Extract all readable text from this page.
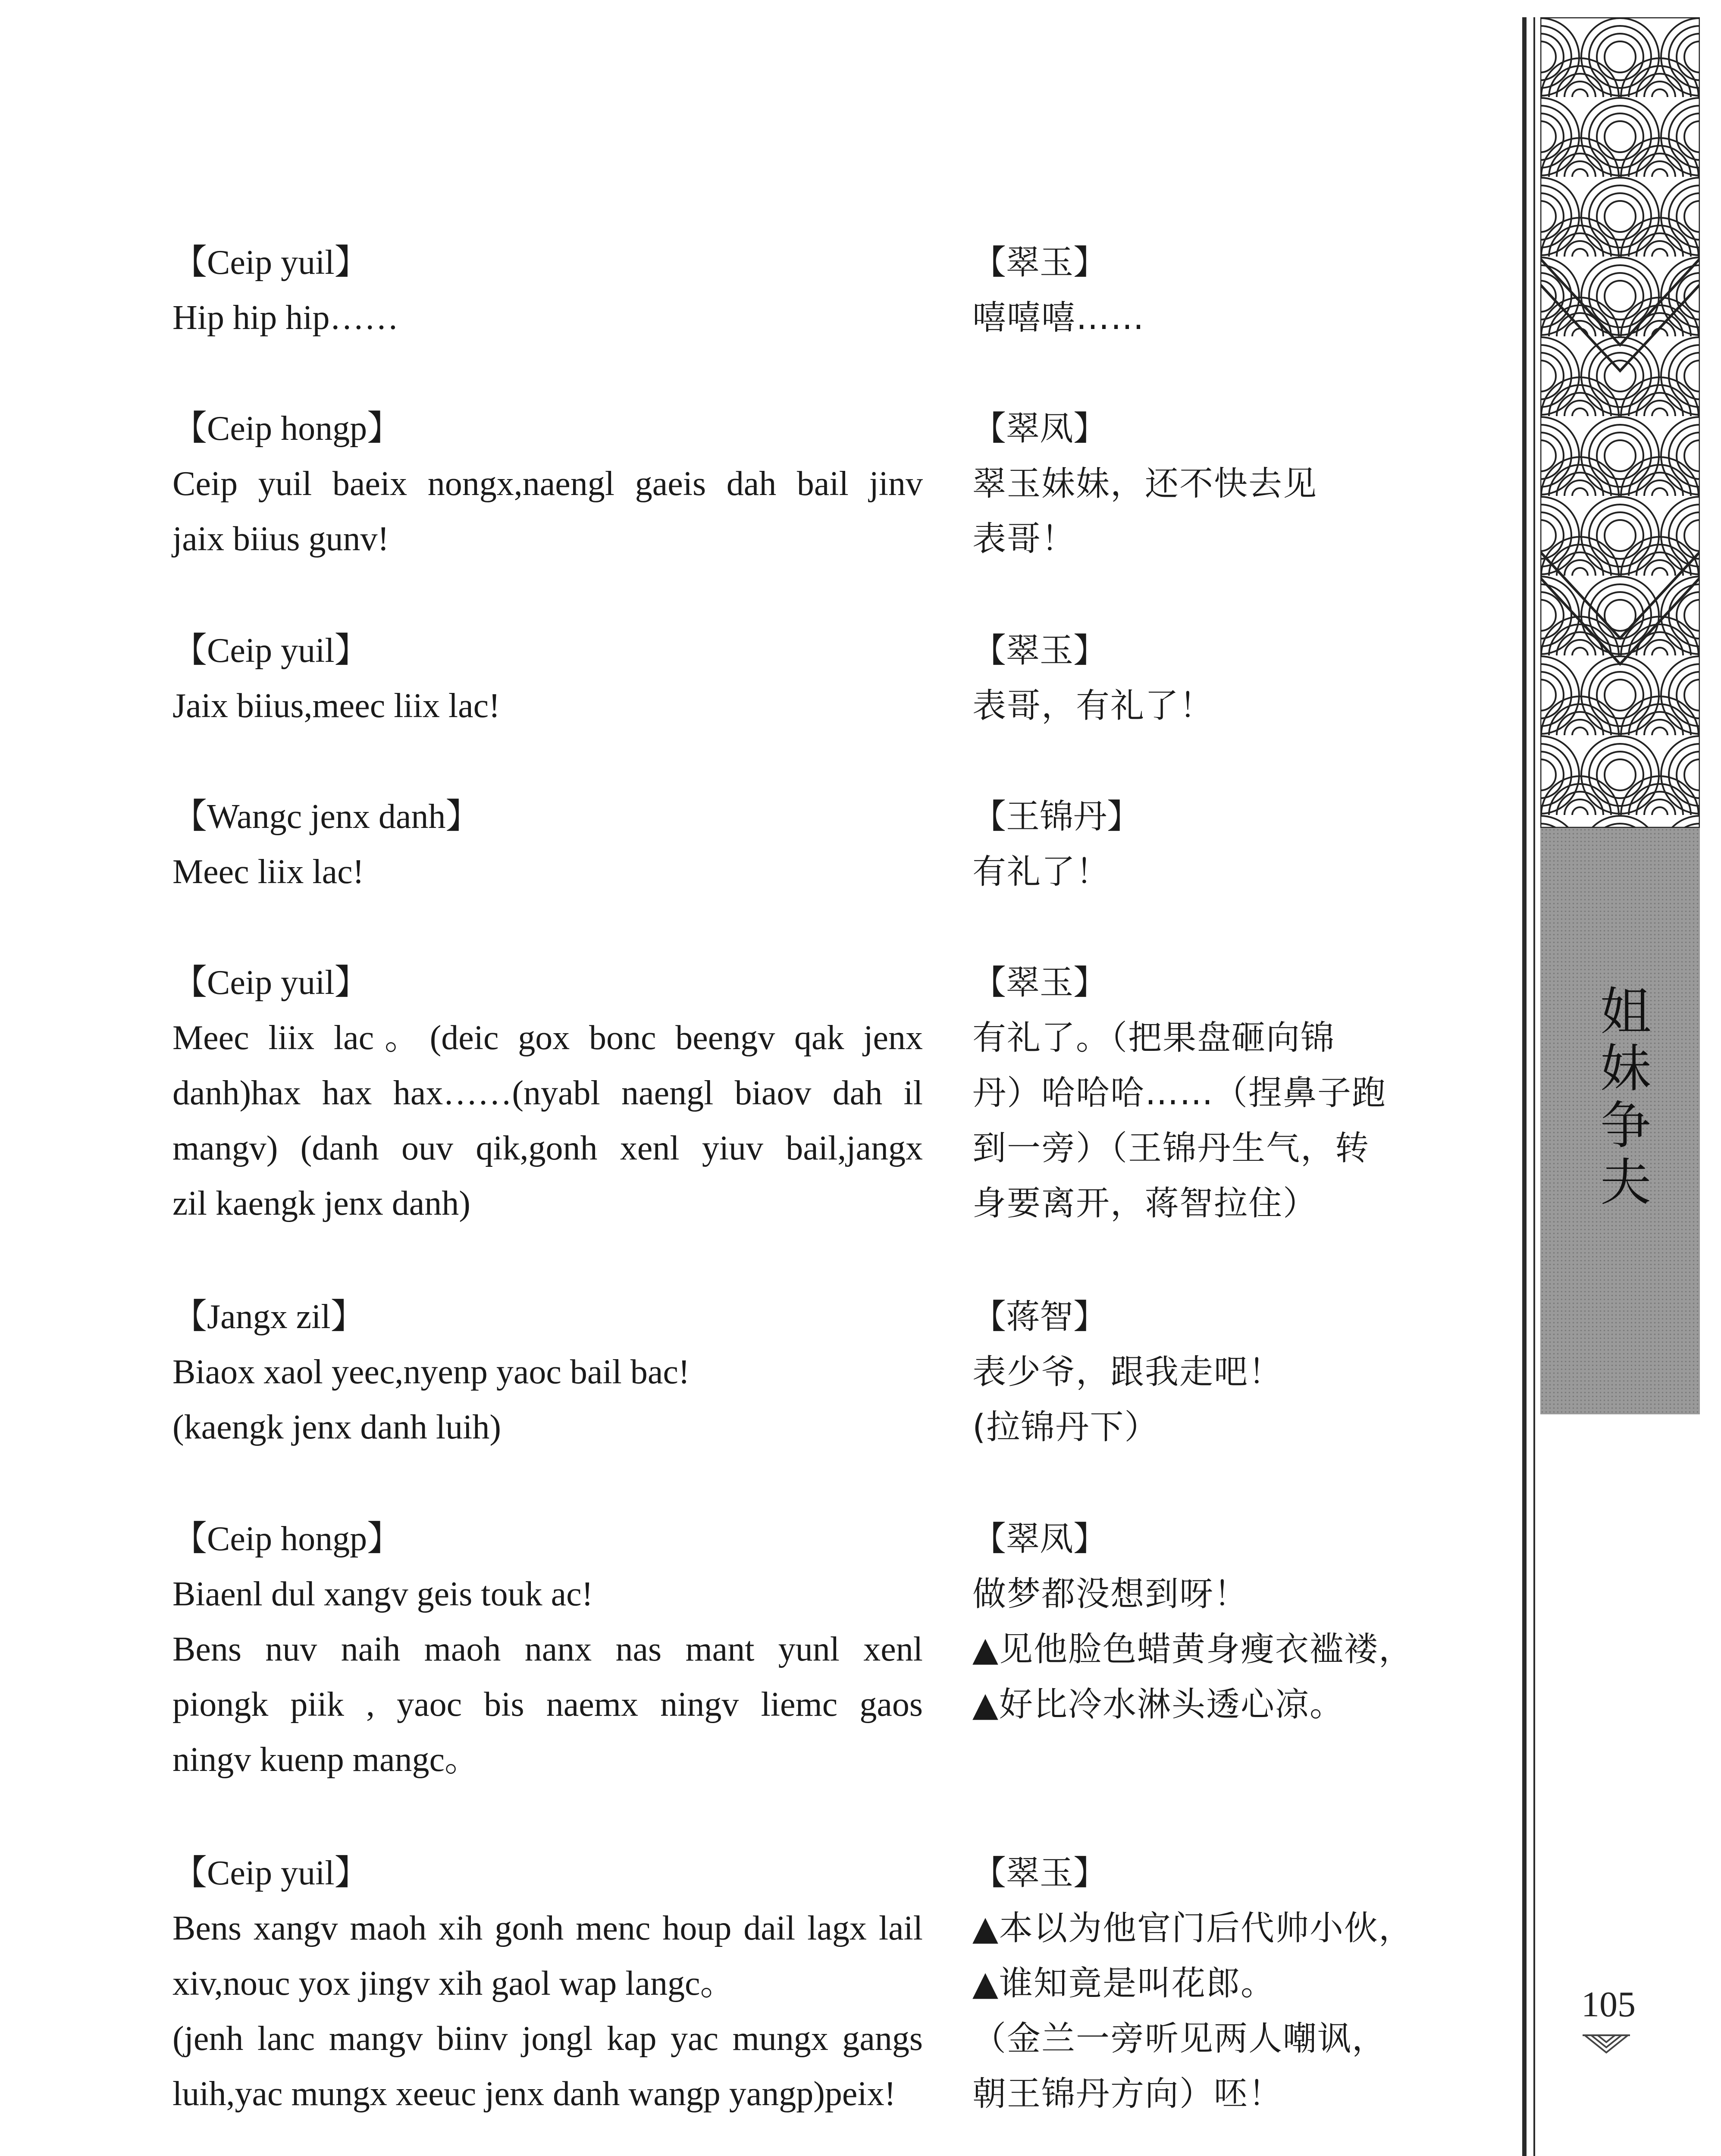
【Ceip yuil】
Hip hip hip……
【Ceip hongp】
Ceip yuil baeix nongx,naengl gaeis dah bail jinv
jaix biius gunv!
【Ceip yuil】
Jaix biius,meec liix lac!
【Wangc jenx danh】
Meec liix lac!
【Ceip yuil】
Meec liix lac。(deic gox bonc beengv qak jenx
danh)hax hax hax……(nyabl naengl biaov dah il
mangv) (danh ouv qik,gonh xenl yiuv bail,jangx
zil kaengk jenx danh)
【Jangx zil】
Biaox xaol yeec,nyenp yaoc bail bac!
(kaengk jenx danh luih)
【Ceip hongp】
Biaenl dul xangv geis touk ac!
Bens nuv naih maoh nanx nas mant yunl xenl
piongk piik , yaoc bis naemx ningv liemc gaos
ningv kuenp mangc。
【Ceip yuil】
Bens xangv maoh xih gonh menc houp dail lagx lail
xiv,nouc yox jingv xih gaol wap langc。
(jenh lanc mangv biinv jongl kap yac mungx gangs
luih,yac mungx xeeuc jenx danh wangp yangp)peix!
【翠玉】
嘻嘻嘻……
【翠凤】
翠玉妹妹，还不快去见
表哥！
【翠玉】
表哥，有礼了！
【王锦丹】
有礼了！
【翠玉】
有礼了。（把果盘砸向锦
丹）哈哈哈……（捏鼻子跑
到一旁）（王锦丹生气，转
身要离开，蒋智拉住）
【蒋智】
表少爷，跟我走吧！
(拉锦丹下）
【翠凤】
做梦都没想到呀！
▲见他脸色蜡黄身瘦衣褴褛，
▲好比冷水淋头透心凉。
【翠玉】
▲本以为他官门后代帅小伙，
▲谁知竟是叫花郎。
（金兰一旁听见两人嘲讽，
朝王锦丹方向）呸！
姐
妹
争
夫
105
